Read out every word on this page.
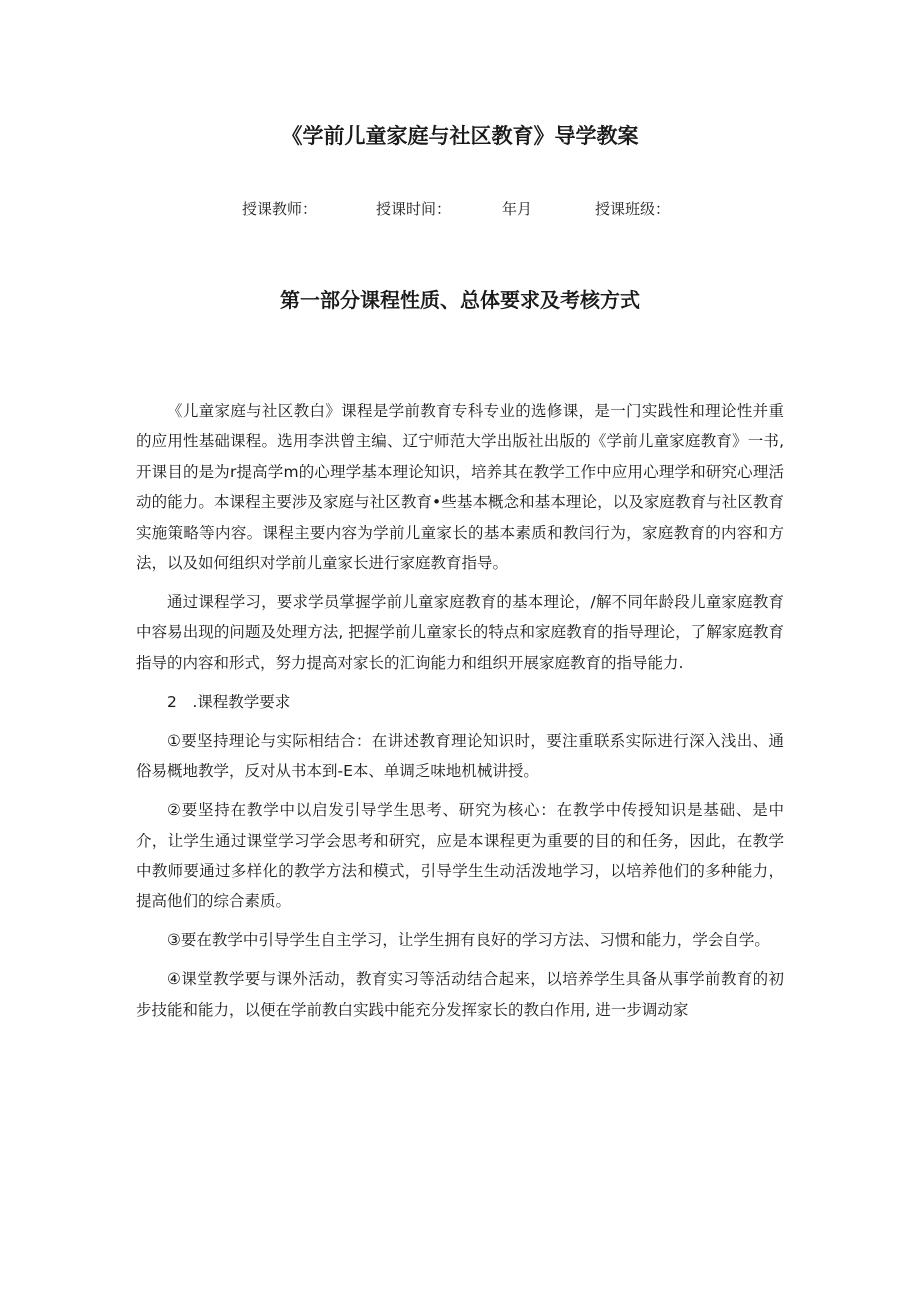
《学前儿童家庭与社区教育》导学教案
授课教师：	授课时间：	年月	授课班级：
第一部分课程性质、总体要求及考核方式

《儿童家庭与社区教白》课程是学前教育专科专业的选修课，是一门实践性和理论性并重的应用性基础课程。选用李洪曾主编、辽宁师范大学出版社出版的《学前儿童家庭教育》一书, 开课目的是为r提高学m的心理学基本理论知识，培养其在教学工作中应用心理学和研究心理活动的能力。本课程主要涉及家庭与社区教育•些基本概念和基本理论，以及家庭教育与社区教育实施策略等内容。课程主要内容为学前儿童家长的基本素质和教闫行为，家庭教育的内容和方法，以及如何组织对学前儿童家长进行家庭教育指导。

通过课程学习，要求学员掌握学前儿童家庭教育的基本理论，/解不同年龄段儿童家庭教育中容易出现的问题及处理方法, 把握学前儿童家长的特点和家庭教育的指导理论，了解家庭教育指导的内容和形式，努力提高对家长的汇询能力和组织开展家庭教育的指导能力.

2　.课程教学要求

①要坚持理论与实际相结合：在讲述教育理论知识时，要注重联系实际进行深入浅出、通俗易概地教学，反对从书本到-E本、单调乏味地机械讲授。

②要坚持在教学中以启发引导学生思考、研究为核心：在教学中传授知识是基础、是中介，让学生通过课堂学习学会思考和研究，应是本课程更为重要的目的和任务，因此，在教学中教师要通过多样化的教学方法和模式，引导学生生动活泼地学习，以培养他们的多种能力，提高他们的综合素质。

③要在教学中引导学生自主学习，让学生拥有良好的学习方法、习惯和能力，学会自学。

④课堂教学要与课外活动，教育实习等活动结合起来，以培养学生具备从事学前教育的初步技能和能力，以便在学前教白实践中能充分发挥家长的教白作用, 进一步调动家
